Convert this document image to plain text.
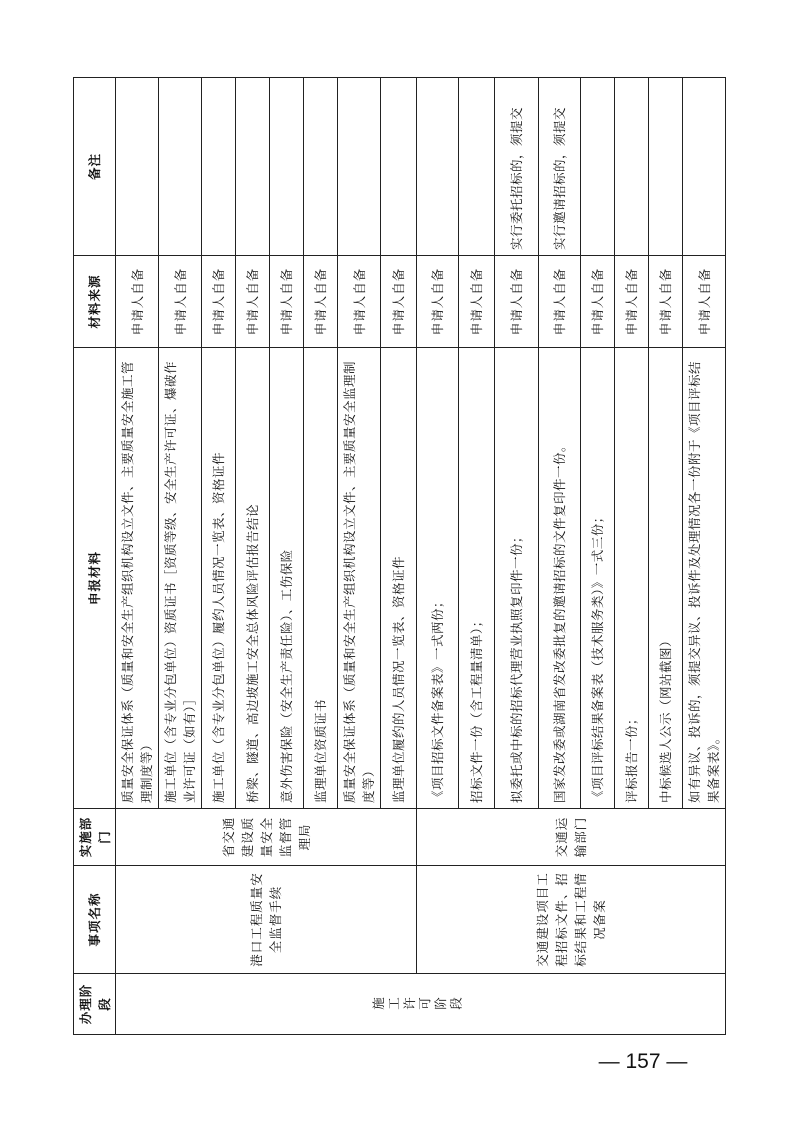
办理阶段	事项名称	实施部门	申报材料	材料来源	备注
施工许可阶段	港口工程质量安全监督手续	省交通建设质量安全监督管理局	质量安全保证体系（质量和安全生产组织机构设立文件、主要质量安全施工管理制度等）	申请人自备	
			施工单位（含专业分包单位）资质证书［资质等级、安全生产许可证、爆破作业许可证（如有）］	申请人自备	
			施工单位（含专业分包单位）履约人员情况一览表、资格证件	申请人自备	
			桥梁、隧道、高边坡施工安全总体风险评估报告结论	申请人自备	
			意外伤害保险（安全生产责任险）、工伤保险	申请人自备	
			监理单位资质证书	申请人自备	
			质量安全保证体系（质量和安全生产组织机构设立文件、主要质量安全监理制度等）	申请人自备	
			监理单位履约的人员情况一览表、资格证件	申请人自备	
	交通建设项目工程招标文件、招标结果和工程情况备案	交通运输部门	《项目招标文件备案表》一式两份；	申请人自备	
			招标文件一份（含工程量清单）；	申请人自备	
			拟委托或中标的招标代理营业执照复印件一份；	申请人自备	实行委托招标的，须提交
			国家发改委或湖南省发改委批复的邀请招标的文件复印件一份。	申请人自备	实行邀请招标的，须提交
			《项目评标结果备案表（技术服务类）》一式三份；	申请人自备	
			评标报告一份；	申请人自备	
			中标候选人公示（网站截图）	申请人自备	
			如有异议、投诉的，须提交异议、投诉件及处理情况各一份附于《项目评标结果备案表》。	申请人自备	
— 157 —
